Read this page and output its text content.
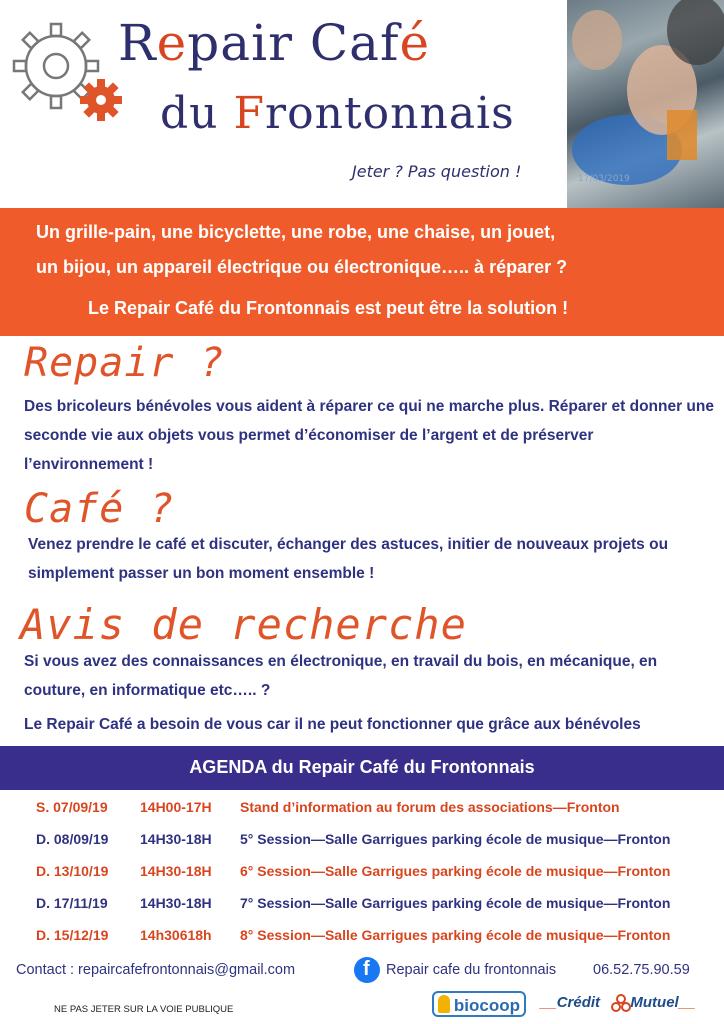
Repair Café
du Frontonnais
Jeter ? Pas question !	17/03/2019
Un grille-pain, une bicyclette, une robe, une chaise, un jouet,
un bijou, un appareil électrique ou électronique….. à réparer ?
Le Repair Café du Frontonnais est peut être la solution !
Repair ?
Des bricoleurs bénévoles vous aident à réparer ce qui ne marche plus. Réparer et donner une seconde vie aux objets vous permet d’économiser de l’argent et de préserver l’environnement !
Café ?
Venez prendre le café et discuter, échanger des astuces, initier de nouveaux projets ou simplement passer un bon moment ensemble !
Avis de recherche
Si vous avez des connaissances en électronique, en travail du bois, en mécanique, en couture, en informatique etc….. ?
Le Repair Café a besoin de vous car il ne peut fonctionner que grâce aux bénévoles
AGENDA du Repair Café du Frontonnais
S. 07/09/19 14H00-17H Stand d’information au forum des associations—Fronton
D. 08/09/19 14H30-18H 5° Session—Salle Garrigues parking école de musique—Fronton
D. 13/10/19 14H30-18H 6° Session—Salle Garrigues parking école de musique—Fronton
D. 17/11/19 14H30-18H 7° Session—Salle Garrigues parking école de musique—Fronton
D. 15/12/19 14h30618h 8° Session—Salle Garrigues parking école de musique—Fronton
Contact : repaircafefrontonnais@gmail.com	f Repair cafe du frontonnais	06.52.75.90.59
NE PAS JETER SUR LA VOIE PUBLIQUE	biocoop	__Crédit Mutuel__
